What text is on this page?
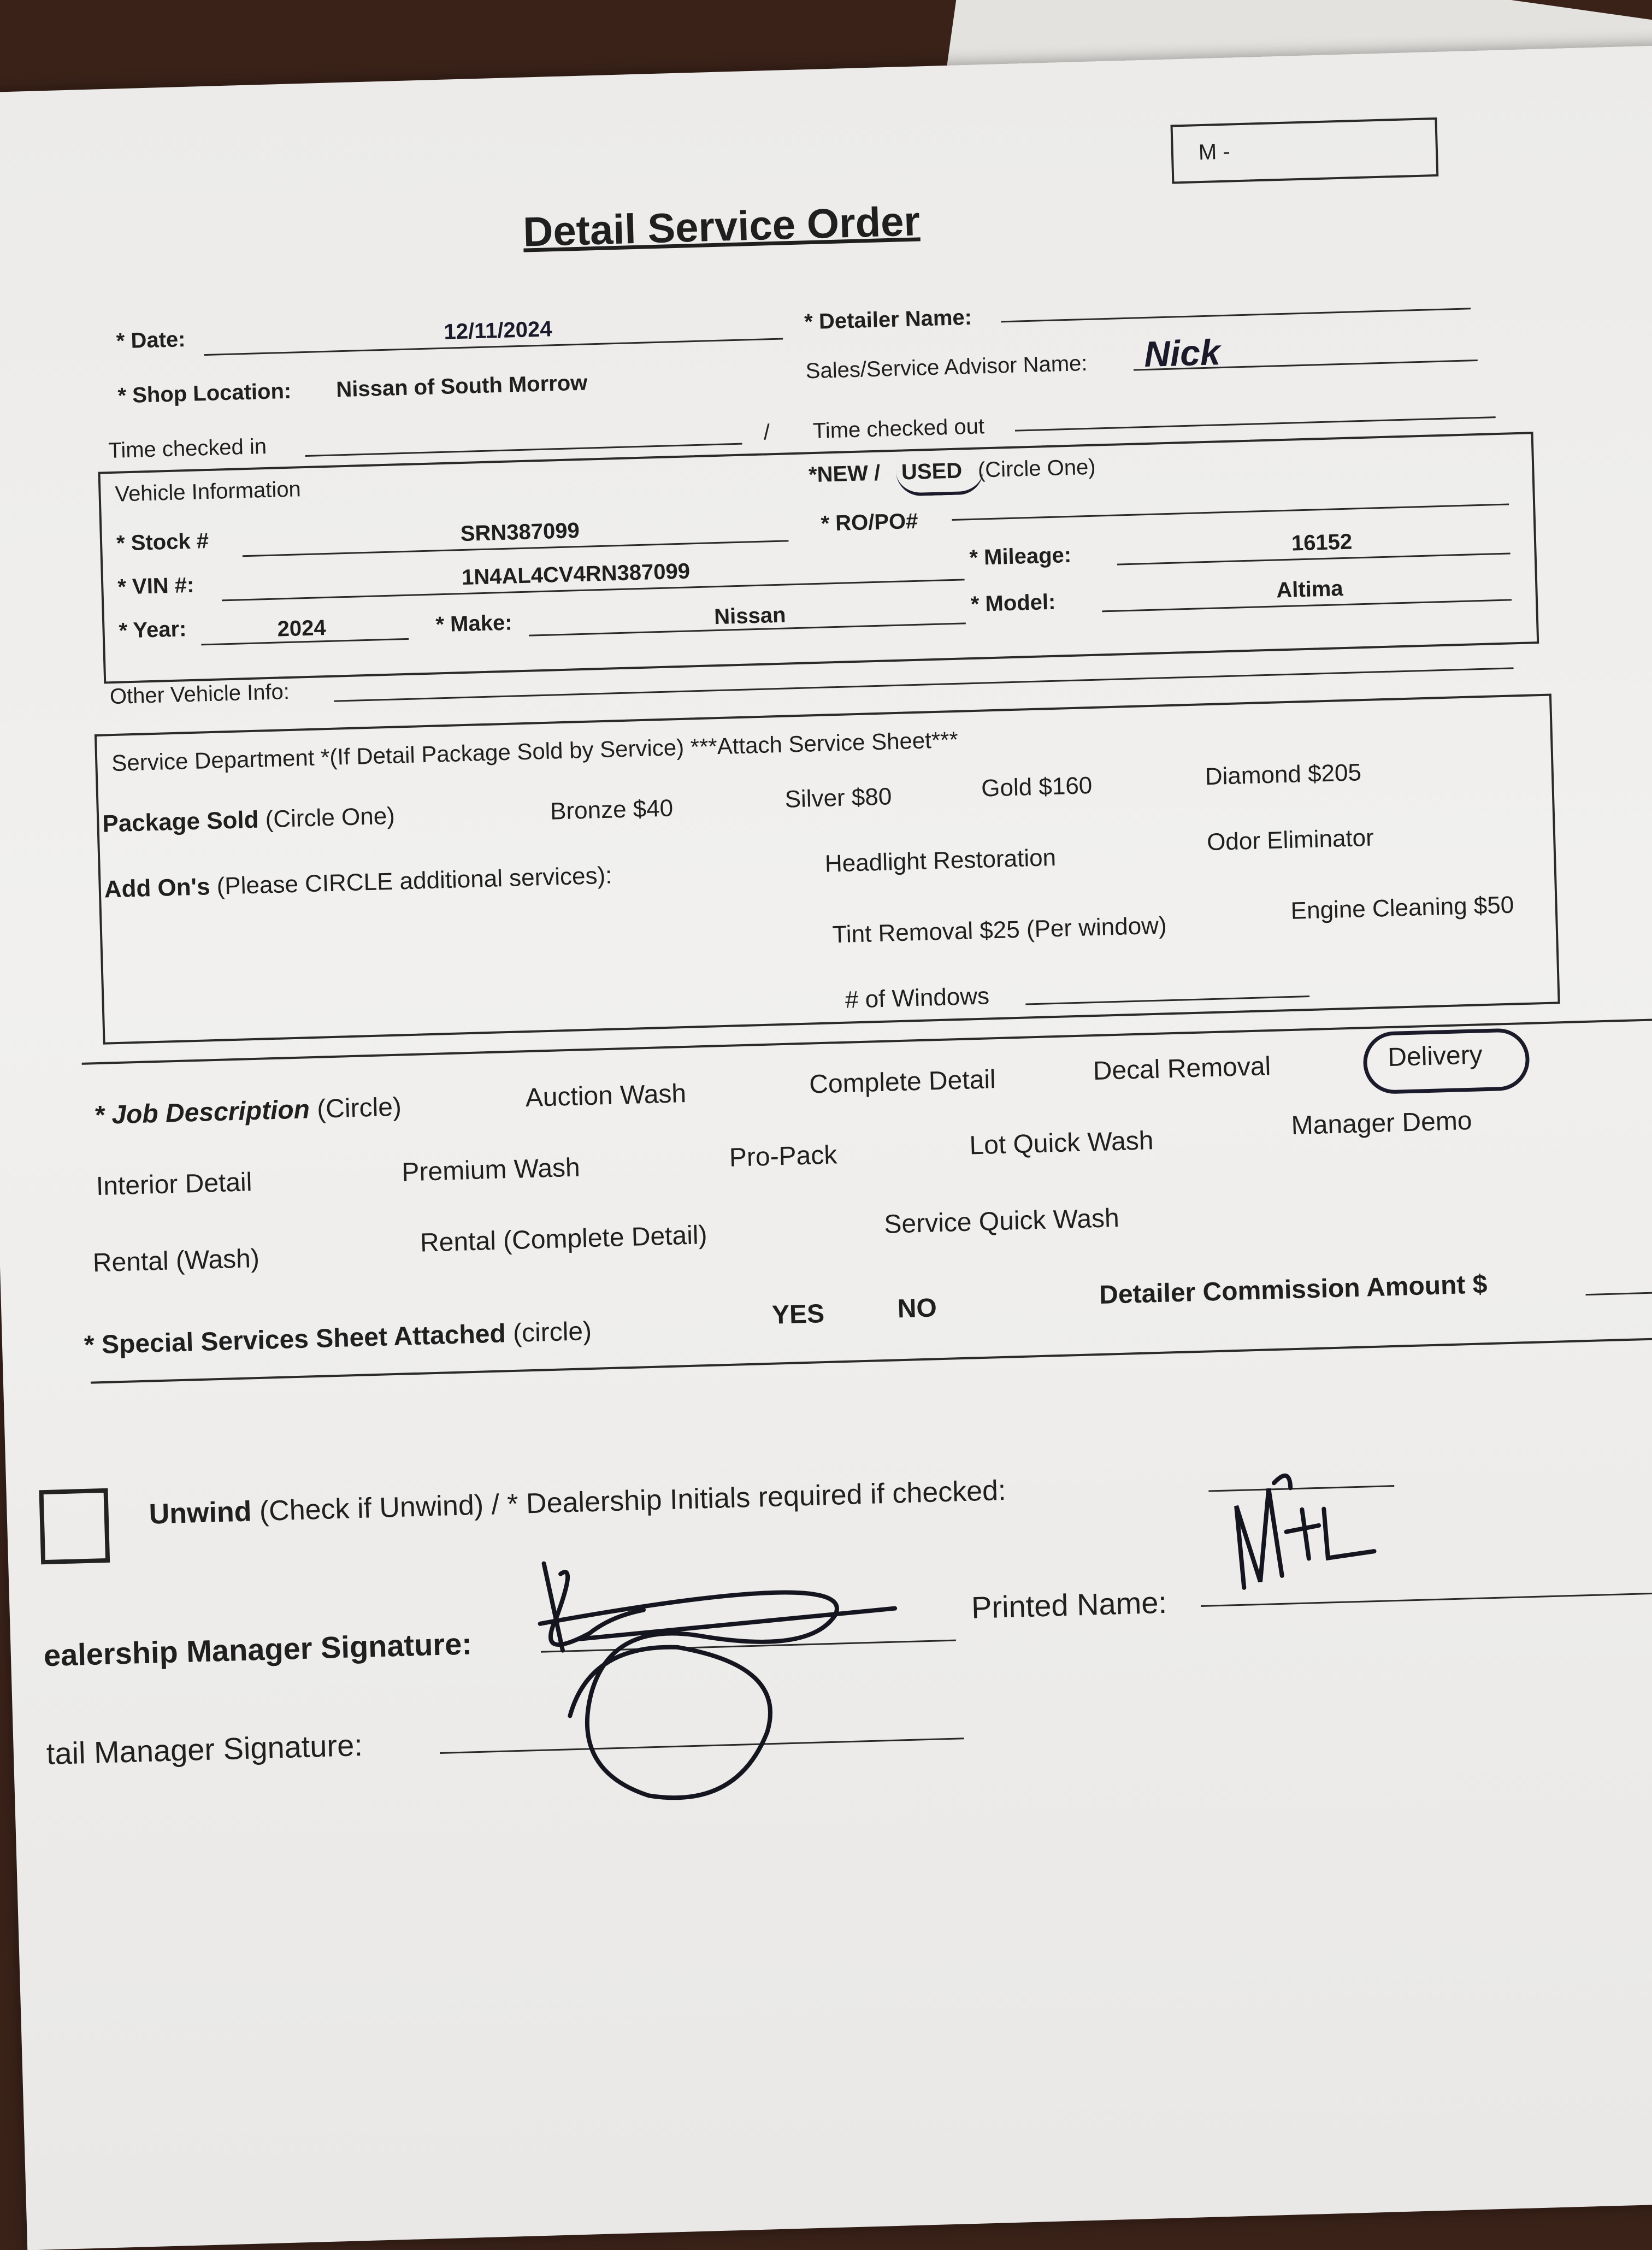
M -
Detail Service Order
* Date:	12/11/2024	* Detailer Name:
* Shop Location: Nissan of South Morrow
Sales/Service Advisor Name: Nick
Time checked in
/ Time checked out
Vehicle Information
*NEW / USED (Circle One)
* Stock #	SRN387099	* RO/PO#
* VIN #:	1N4AL4CV4RN387099
* Mileage:
16152
* Year:	2024	* Make:	Nissan	* Model:
Altima
Other Vehicle Info:
Service Department *(If Detail Package Sold by Service) ***Attach Service Sheet***
Package Sold (Circle One)	Bronze $40	Silver $80	Gold $160	Diamond $205
Add On's (Please CIRCLE additional services):
Headlight Restoration
Odor Eliminator
Tint Removal $25 (Per window)
Engine Cleaning $50
# of Windows
* Job Description (Circle)	Auction Wash	Complete Detail	Decal Removal	Delivery
Interior Detail	Premium Wash	Pro-Pack	Lot Quick Wash
Manager Demo
Rental (Wash)
Rental (Complete Detail)	Service Quick Wash
* Special Services Sheet Attached (circle)
YES	NO	Detailer Commission Amount $
Unwind (Check if Unwind) / * Dealership Initials required if checked:
ealership Manager Signature:
Printed Name:
tail Manager Signature:
